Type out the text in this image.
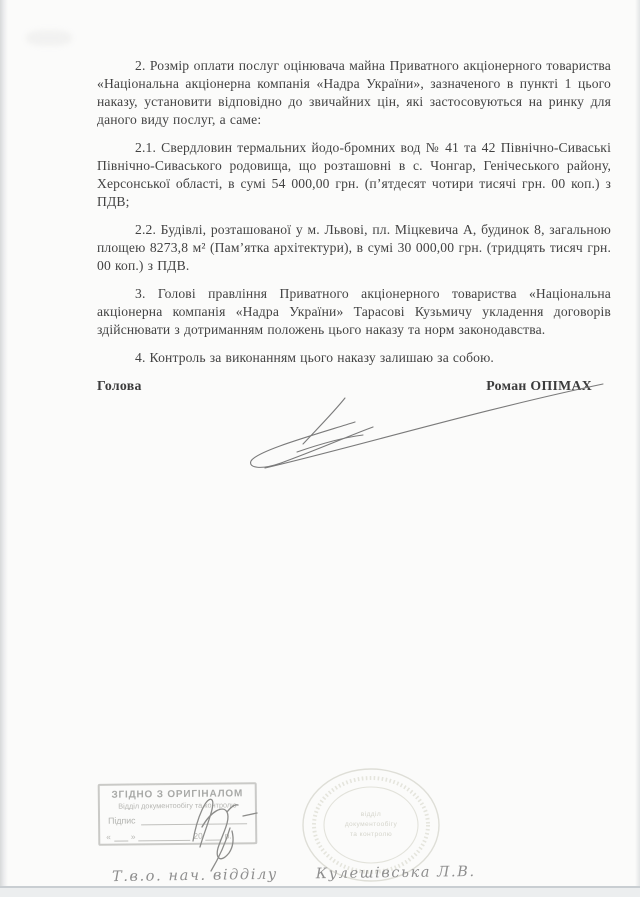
2. Розмір оплати послуг оцінювача майна Приватного акціонерного товариства «Національна акціонерна компанія «Надра України», зазначеного в пункті 1 цього наказу, установити відповідно до звичайних цін, які застосовуються на ринку для даного виду послуг, а саме:

2.1. Свердловин термальних йодо-бромних вод № 41 та 42 Північно-Сиваські Північно-Сиваського родовища, що розташовні в с. Чонгар, Генічеського району, Херсонської області, в сумі 54 000,00 грн. (п’ятдесят чотири тисячі грн. 00 коп.) з ПДВ;

2.2. Будівлі, розташованої у м. Львові, пл. Міцкевича А, будинок 8, загальною площею 8273,8 м² (Пам’ятка архітектури), в сумі 30 000,00 грн. (тридцять тисяч грн. 00 коп.) з ПДВ.

3. Голові правління Приватного акціонерного товариства «Національна акціонерна компанія «Надра України» Тарасові Кузьмичу укладення договорів здійснювати з дотриманням положень цього наказу та норм законодавства.

4. Контроль за виконанням цього наказу залишаю за собою.

Голова	Роман ОПІМАХ
ЗГІДНО З ОРИГІНАЛОМ
Відділ документообігу та контролю
Підпис
« »	20	р.
відділ
документообігу
та контролю
Т.в.о. нач. відділу	Кулешівська Л.В.
